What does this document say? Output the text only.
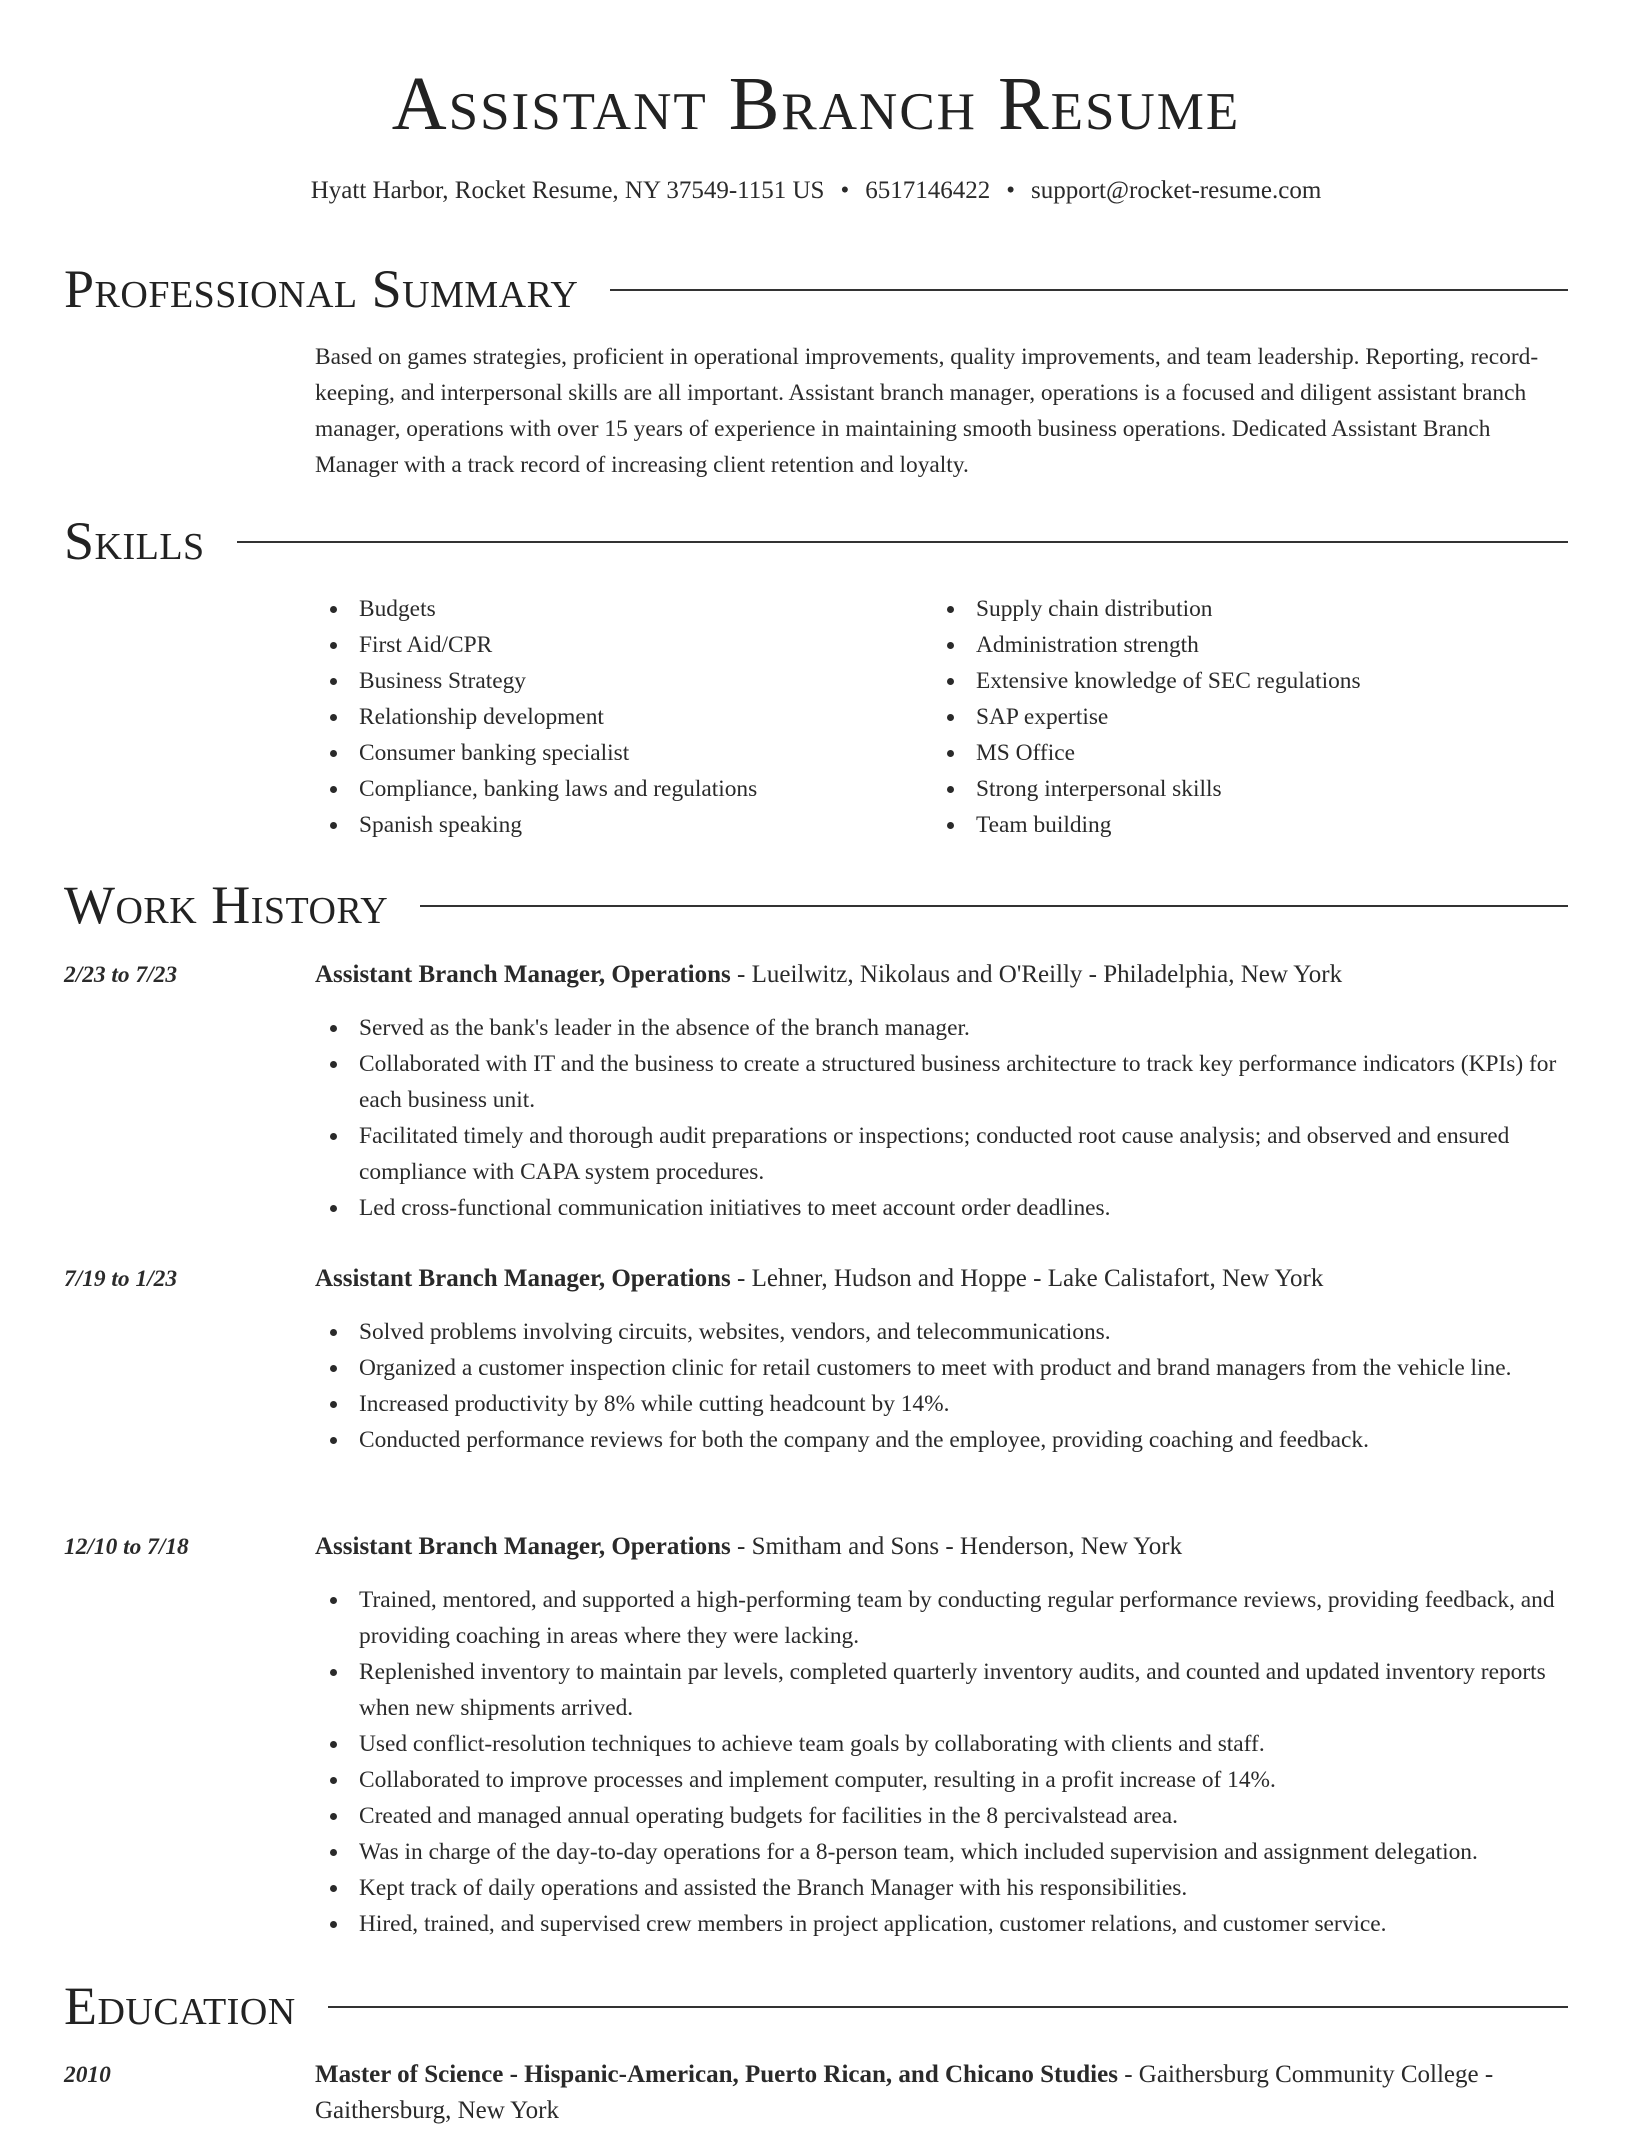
Assistant Branch Resume
Hyatt Harbor, Rocket Resume, NY 37549-1151 US • 6517146422 • support@rocket-resume.com
Professional Summary
Based on games strategies, proficient in operational improvements, quality improvements, and team leadership. Reporting, record-keeping, and interpersonal skills are all important. Assistant branch manager, operations is a focused and diligent assistant branch manager, operations with over 15 years of experience in maintaining smooth business operations. Dedicated Assistant Branch Manager with a track record of increasing client retention and loyalty.
Skills
Budgets
First Aid/CPR
Business Strategy
Relationship development
Consumer banking specialist
Compliance, banking laws and regulations
Spanish speaking
Supply chain distribution
Administration strength
Extensive knowledge of SEC regulations
SAP expertise
MS Office
Strong interpersonal skills
Team building
Work History
2/23 to 7/23	Assistant Branch Manager, Operations - Lueilwitz, Nikolaus and O'Reilly - Philadelphia, New York
Served as the bank's leader in the absence of the branch manager.
Collaborated with IT and the business to create a structured business architecture to track key performance indicators (KPIs) for each business unit.
Facilitated timely and thorough audit preparations or inspections; conducted root cause analysis; and observed and ensured compliance with CAPA system procedures.
Led cross-functional communication initiatives to meet account order deadlines.
7/19 to 1/23	Assistant Branch Manager, Operations - Lehner, Hudson and Hoppe - Lake Calistafort, New York
Solved problems involving circuits, websites, vendors, and telecommunications.
Organized a customer inspection clinic for retail customers to meet with product and brand managers from the vehicle line.
Increased productivity by 8% while cutting headcount by 14%.
Conducted performance reviews for both the company and the employee, providing coaching and feedback.
12/10 to 7/18	Assistant Branch Manager, Operations - Smitham and Sons - Henderson, New York
Trained, mentored, and supported a high-performing team by conducting regular performance reviews, providing feedback, and providing coaching in areas where they were lacking.
Replenished inventory to maintain par levels, completed quarterly inventory audits, and counted and updated inventory reports when new shipments arrived.
Used conflict-resolution techniques to achieve team goals by collaborating with clients and staff.
Collaborated to improve processes and implement computer, resulting in a profit increase of 14%.
Created and managed annual operating budgets for facilities in the 8 percivalstead area.
Was in charge of the day-to-day operations for a 8-person team, which included supervision and assignment delegation.
Kept track of daily operations and assisted the Branch Manager with his responsibilities.
Hired, trained, and supervised crew members in project application, customer relations, and customer service.
Education
2010	Master of Science - Hispanic-American, Puerto Rican, and Chicano Studies - Gaithersburg Community College - Gaithersburg, New York
